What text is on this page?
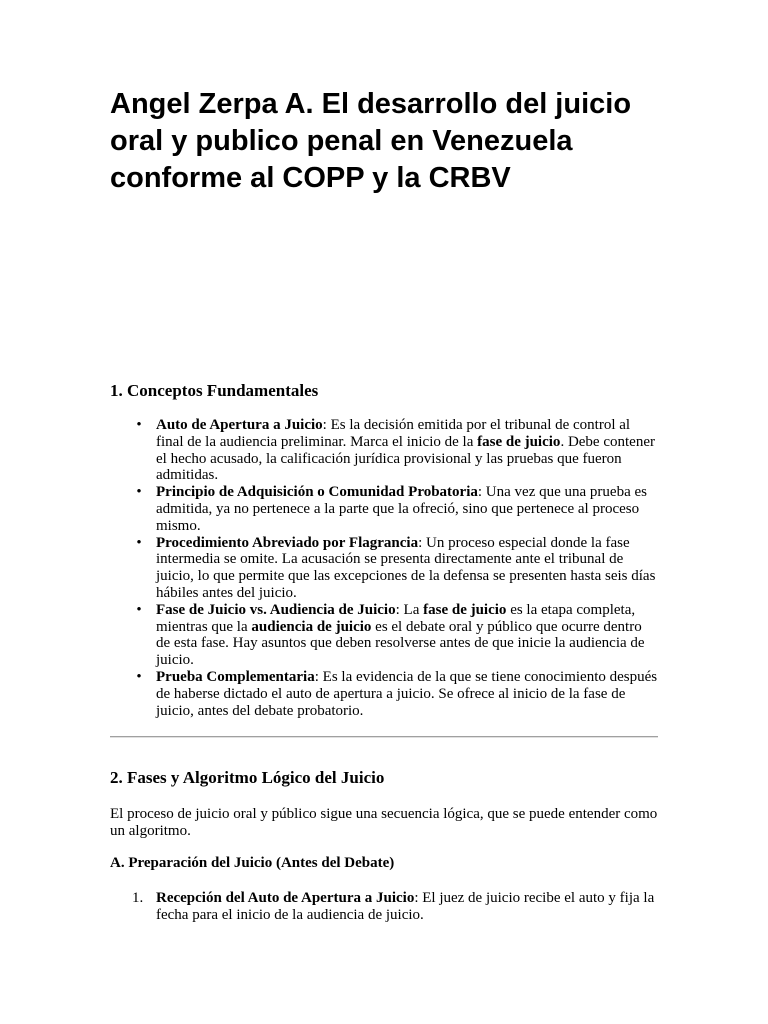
Angel Zerpa A. El desarrollo del juicio oral y publico penal en Venezuela conforme al COPP y la CRBV
1. Conceptos Fundamentales
• Auto de Apertura a Juicio: Es la decisión emitida por el tribunal de control al final de la audiencia preliminar. Marca el inicio de la fase de juicio. Debe contener el hecho acusado, la calificación jurídica provisional y las pruebas que fueron admitidas.
• Principio de Adquisición o Comunidad Probatoria: Una vez que una prueba es admitida, ya no pertenece a la parte que la ofreció, sino que pertenece al proceso mismo.
• Procedimiento Abreviado por Flagrancia: Un proceso especial donde la fase intermedia se omite. La acusación se presenta directamente ante el tribunal de juicio, lo que permite que las excepciones de la defensa se presenten hasta seis días hábiles antes del juicio.
• Fase de Juicio vs. Audiencia de Juicio: La fase de juicio es la etapa completa, mientras que la audiencia de juicio es el debate oral y público que ocurre dentro de esta fase. Hay asuntos que deben resolverse antes de que inicie la audiencia de juicio.
• Prueba Complementaria: Es la evidencia de la que se tiene conocimiento después de haberse dictado el auto de apertura a juicio. Se ofrece al inicio de la fase de juicio, antes del debate probatorio.
2. Fases y Algoritmo Lógico del Juicio

El proceso de juicio oral y público sigue una secuencia lógica, que se puede entender como un algoritmo.

A. Preparación del Juicio (Antes del Debate)
1. Recepción del Auto de Apertura a Juicio: El juez de juicio recibe el auto y fija la fecha para el inicio de la audiencia de juicio.
